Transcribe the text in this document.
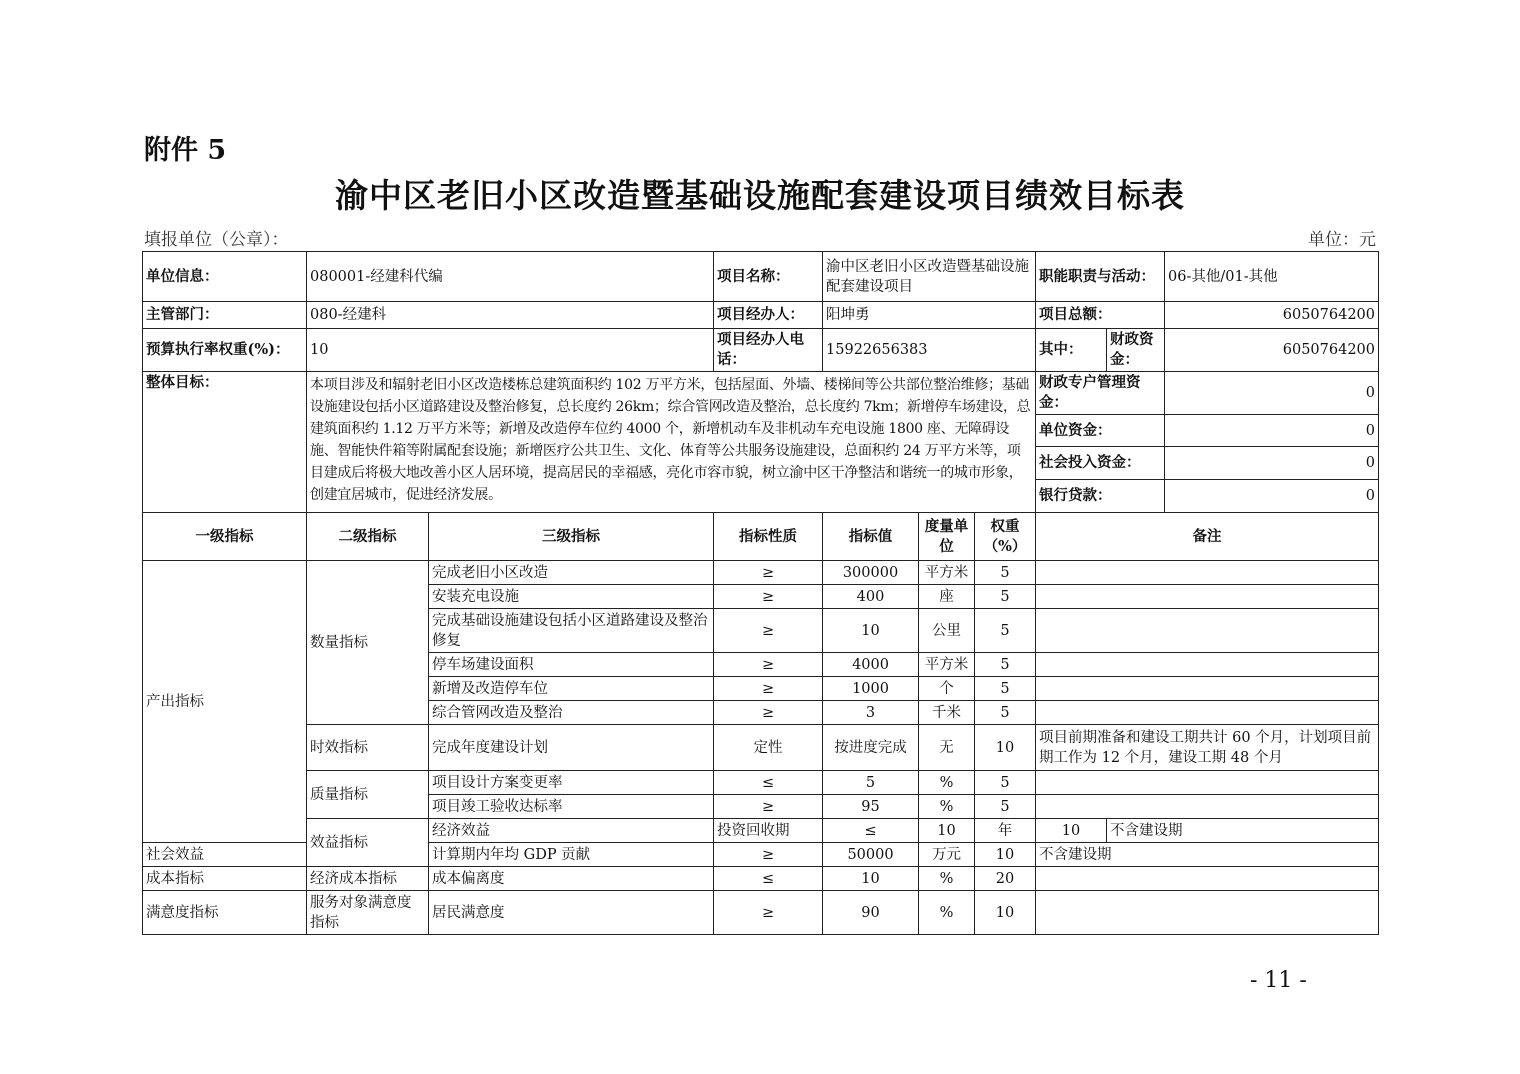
附件 5
渝中区老旧小区改造暨基础设施配套建设项目绩效目标表
填报单位（公章）：	单位：元
单位信息：	080001-经建科代编		项目名称：	渝中区老旧小区改造暨基础设施配套建设项目			职能职责与活动：		06-其他/01-其他
主管部门：	080-经建科		项目经办人：	阳坤勇			项目总额：		6050764200
预算执行率权重(%)：	10		项目经办人电话：	15922656383			其中：	财政资金：	6050764200
整体目标：	本项目涉及和辐射老旧小区改造楼栋总建筑面积约 102 万平方米，包括屋面、外墙、楼梯间等公共部位整治维修；基础设施建设包括小区道路建设及整治修复，总长度约 26km；综合管网改造及整治，总长度约 7km；新增停车场建设，总建筑面积约 1.12 万平方米等；新增及改造停车位约 4000 个，新增机动车及非机动车充电设施 1800 座、无障碍设施、智能快件箱等附属配套设施；新增医疗公共卫生、文化、体育等公共服务设施建设，总面积约 24 万平方米等，项目建成后将极大地改善小区人居环境，提高居民的幸福感，亮化市容市貌，树立渝中区干净整洁和谐统一的城市形象，创建宜居城市，促进经济发展。						财政专户管理资金：		0
							单位资金：		0
							社会投入资金：		0
							银行贷款：		0
一级指标	二级指标	三级指标	指标性质	指标值	度量单位	权重（%）	备注		
产出指标	数量指标	完成老旧小区改造	≥	300000	平方米	5			
		安装充电设施	≥	400	座	5			
		完成基础设施建设包括小区道路建设及整治修复	≥	10	公里	5			
		停车场建设面积	≥	4000	平方米	5			
		新增及改造停车位	≥	1000	个	5			
		综合管网改造及整治	≥	3	千米	5			
	时效指标	完成年度建设计划	定性	按进度完成	无	10	项目前期准备和建设工期共计 60 个月，计划项目前期工作为 12 个月，建设工期 48 个月		
	质量指标	项目设计方案变更率	≤	5	%	5			
		项目竣工验收达标率	≥	95	%	5			
	效益指标	经济效益	投资回收期	≤	10	年	10	不含建设期	
社会效益		计算期内年均 GDP 贡献	≥	50000	万元	10	不含建设期		
成本指标	经济成本指标	成本偏离度	≤	10	%	20			
满意度指标	服务对象满意度指标	居民满意度	≥	90	%	10			
- 11 -
